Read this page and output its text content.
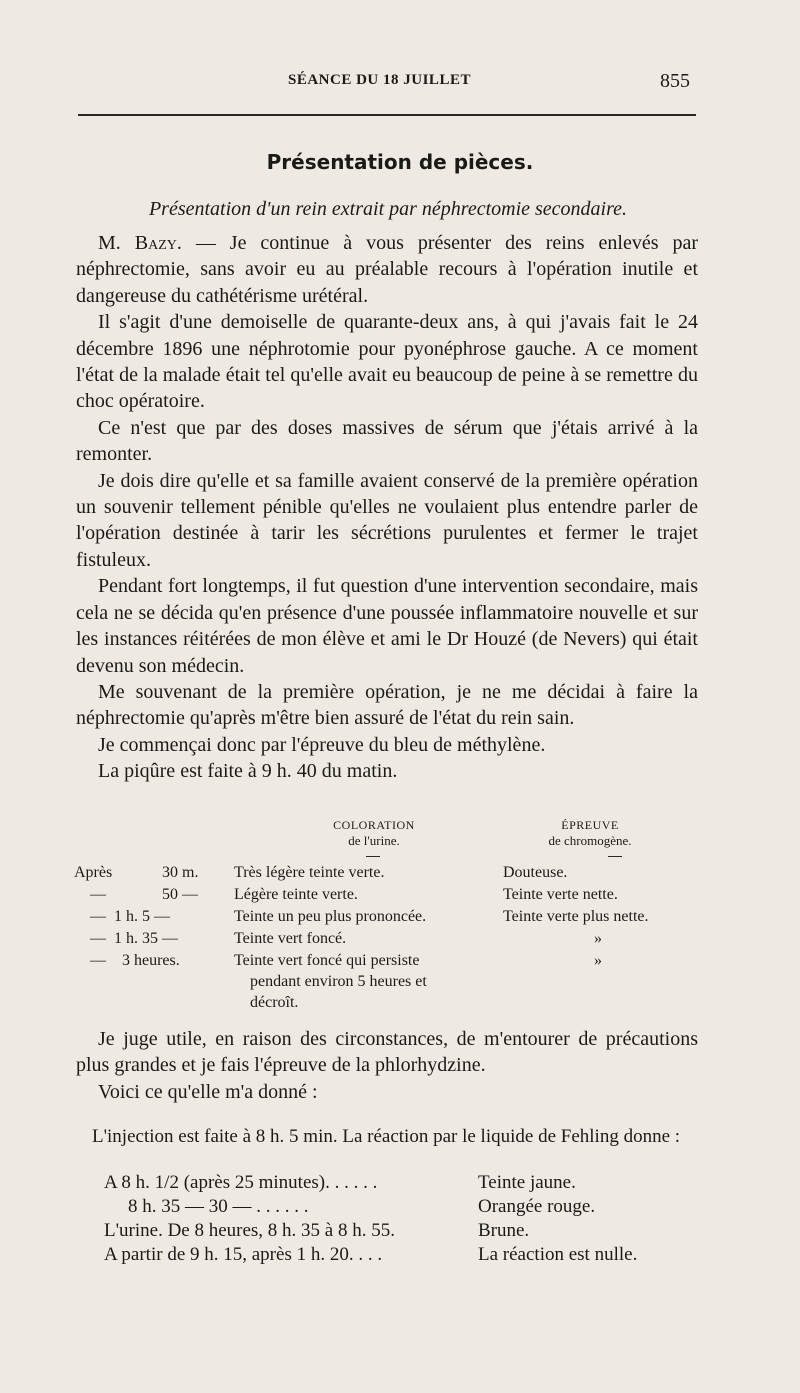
SÉANCE DU 18 JUILLET	855
Présentation de pièces.
Présentation d'un rein extrait par néphrectomie secondaire.

M. Bazy. — Je continue à vous présenter des reins enlevés par néphrectomie, sans avoir eu au préalable recours à l'opération inutile et dangereuse du cathétérisme urétéral.

Il s'agit d'une demoiselle de quarante-deux ans, à qui j'avais fait le 24 décembre 1896 une néphrotomie pour pyonéphrose gauche. A ce moment l'état de la malade était tel qu'elle avait eu beaucoup de peine à se remettre du choc opératoire.

Ce n'est que par des doses massives de sérum que j'étais arrivé à la remonter.

Je dois dire qu'elle et sa famille avaient conservé de la première opération un souvenir tellement pénible qu'elles ne voulaient plus entendre parler de l'opération destinée à tarir les sécrétions purulentes et fermer le trajet fistuleux.

Pendant fort longtemps, il fut question d'une intervention secondaire, mais cela ne se décida qu'en présence d'une poussée inflammatoire nouvelle et sur les instances réitérées de mon élève et ami le Dr Houzé (de Nevers) qui était devenu son médecin.

Me souvenant de la première opération, je ne me décidai à faire la néphrectomie qu'après m'être bien assuré de l'état du rein sain.

Je commençai donc par l'épreuve du bleu de méthylène.

La piqûre est faite à 9 h. 40 du matin.

COLORATION
de l'urine.
ÉPREUVE
de chromogène.
Après	30 m. Très légère teinte verte.	Douteuse.
—	50 — Légère teinte verte.	Teinte verte nette.
— 1 h. 5 —	Teinte un peu plus prononcée.	Teinte verte plus nette.
— 1 h. 35 —	Teinte vert foncé.	»
— 3 heures.	Teinte vert foncé qui persiste	»
pendant environ 5 heures et
décroît.

Je juge utile, en raison des circonstances, de m'entourer de précautions plus grandes et je fais l'épreuve de la phlorhydzine.

Voici ce qu'elle m'a donné :

L'injection est faite à 8 h. 5 min. La réaction par le liquide de Fehling donne :

A 8 h. 1/2 (après 25 minutes). . . . . .	Teinte jaune.
8 h. 35 — 30 — . . . . . .	Orangée rouge.
L'urine. De 8 heures, 8 h. 35 à 8 h. 55.	Brune.
A partir de 9 h. 15, après 1 h. 20. . . .	La réaction est nulle.
